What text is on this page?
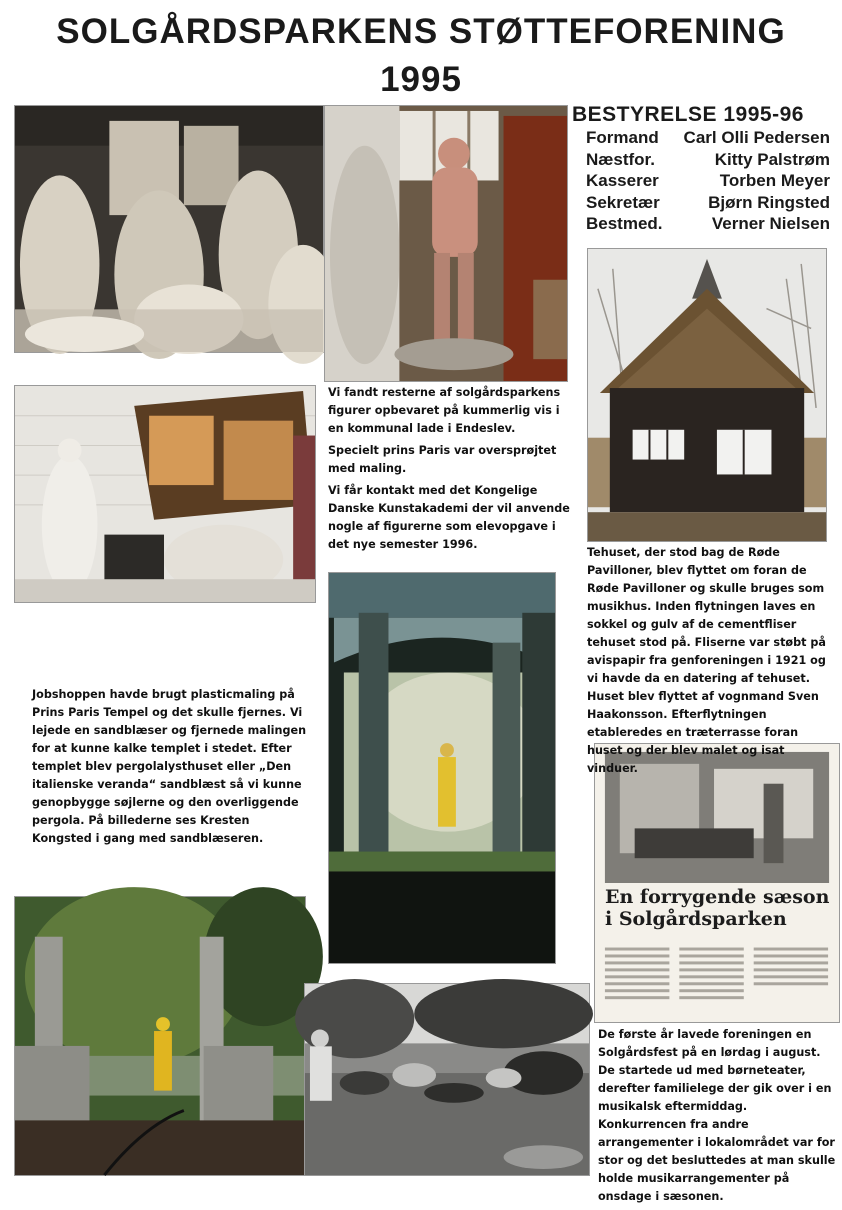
SOLGÅRDSPARKENS STØTTEFORENING
1995
En forrygende sæson
i Solgårdsparken
BESTYRELSE 1995-96
Formand Carl Olli Pedersen
Næstfor.	Kitty Palstrøm
Kasserer	Torben Meyer
Sekretær	Bjørn Ringsted
Bestmed.	Verner Nielsen

Vi fandt resterne af solgårdsparkens figurer opbevaret på kummerlig vis i en kommunal lade i Endeslev.

Specielt prins Paris var oversprøjtet med maling.

Vi får kontakt med det Kongelige Danske Kunstakademi der vil anvende nogle af figurerne som elevopgave i det nye semester 1996.

Tehuset, der stod bag de Røde Pavilloner, blev flyttet om foran de Røde Pavilloner og skulle bruges som musikhus. Inden flytningen laves en sokkel og gulv af de cementfliser tehuset stod på. Fliserne var støbt på avispapir fra genforeningen i 1921 og vi havde da en datering af tehuset. Huset blev flyttet af vognmand Sven Haakonsson. Efterflytningen etableredes en træterrasse foran huset og der blev malet og isat vinduer.

Jobshoppen havde brugt plasticmaling på Prins Paris Tempel og det skulle fjernes. Vi lejede en sandblæser og fjernede malingen for at kunne kalke templet i stedet. Efter templet blev pergolalysthuset eller „Den italienske veranda“ sandblæst så vi kunne genopbygge søjlerne og den overliggende pergola. På billederne ses Kresten Kongsted i gang med sandblæseren.

De første år lavede foreningen en Solgårdsfest på en lørdag i august. De startede ud med børneteater, derefter familielege der gik over i en musikalsk eftermiddag. Konkurrencen fra andre arrangementer i lokalområdet var for stor og det besluttedes at man skulle holde musikarrangementer på onsdage i sæsonen.
